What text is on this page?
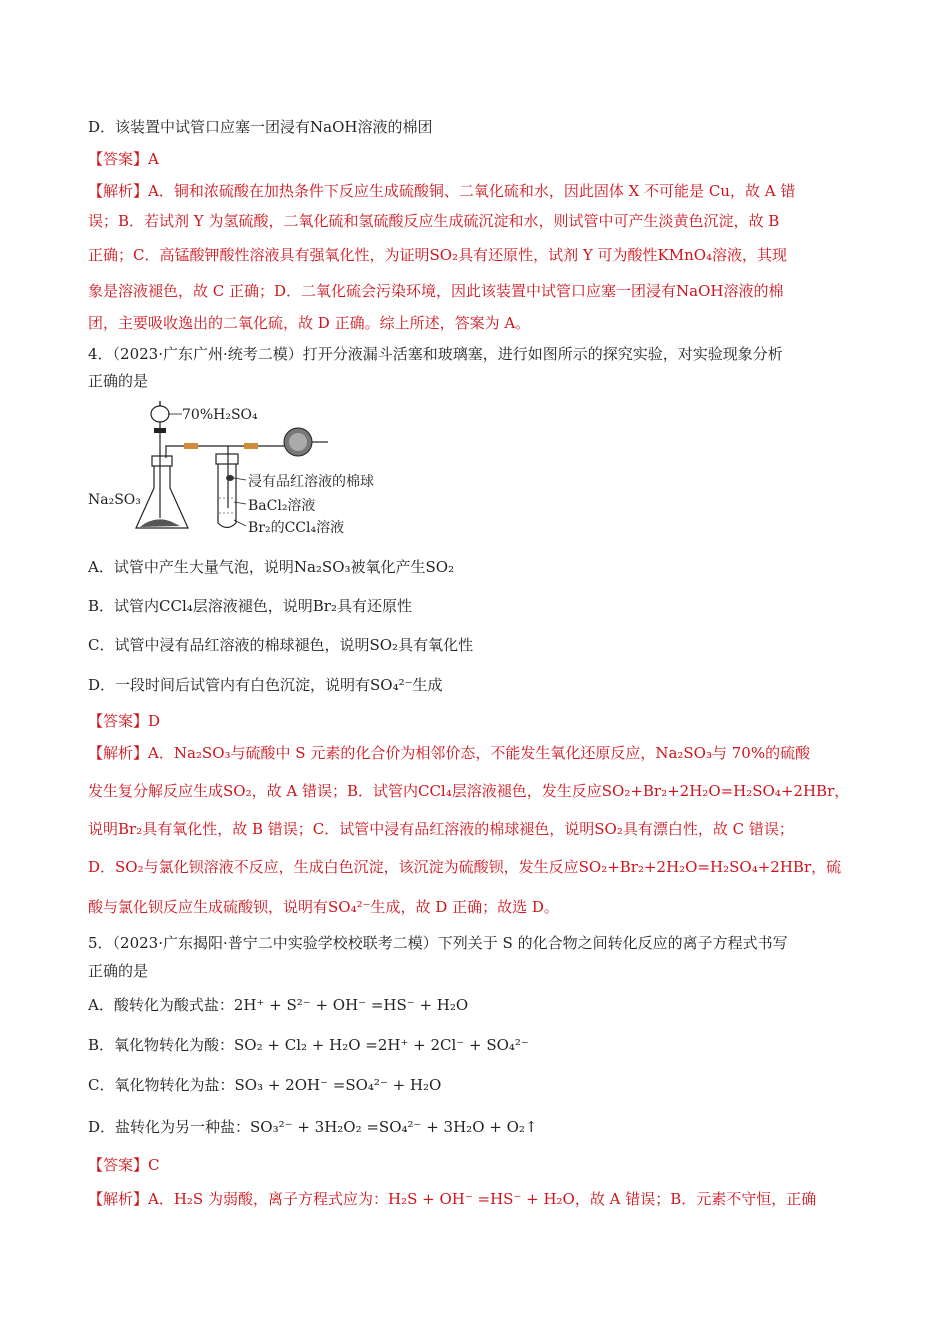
D．该装置中试管口应塞一团浸有NaOH溶液的棉团
【答案】A
【解析】A．铜和浓硫酸在加热条件下反应生成硫酸铜、二氧化硫和水，因此固体 X 不可能是 Cu，故 A 错
误；B．若试剂 Y 为氢硫酸，二氧化硫和氢硫酸反应生成硫沉淀和水，则试管中可产生淡黄色沉淀，故 B
正确；C．高锰酸钾酸性溶液具有强氧化性，为证明SO₂具有还原性，试剂 Y 可为酸性KMnO₄溶液，其现
象是溶液褪色，故 C 正确；D．二氧化硫会污染环境，因此该装置中试管口应塞一团浸有NaOH溶液的棉
团，主要吸收逸出的二氧化硫，故 D 正确。综上所述，答案为 A。
4．（2023·广东广州·统考二模）打开分液漏斗活塞和玻璃塞，进行如图所示的探究实验，对实验现象分析
正确的是
70%H₂SO₄
Na₂SO₃
浸有品红溶液的棉球
BaCl₂溶液
Br₂的CCl₄溶液
A．试管中产生大量气泡，说明Na₂SO₃被氧化产生SO₂
B．试管内CCl₄层溶液褪色，说明Br₂具有还原性
C．试管中浸有品红溶液的棉球褪色，说明SO₂具有氧化性
D．一段时间后试管内有白色沉淀，说明有SO₄²⁻生成
【答案】D
【解析】A．Na₂SO₃与硫酸中 S 元素的化合价为相邻价态，不能发生氧化还原反应，Na₂SO₃与 70%的硫酸
发生复分解反应生成SO₂，故 A 错误；B．试管内CCl₄层溶液褪色，发生反应SO₂+Br₂+2H₂O=H₂SO₄+2HBr，
说明Br₂具有氧化性，故 B 错误；C．试管中浸有品红溶液的棉球褪色，说明SO₂具有漂白性，故 C 错误；
D．SO₂与氯化钡溶液不反应，生成白色沉淀，该沉淀为硫酸钡，发生反应SO₂+Br₂+2H₂O=H₂SO₄+2HBr，硫
酸与氯化钡反应生成硫酸钡，说明有SO₄²⁻生成，故 D 正确；故选 D。
5．（2023·广东揭阳·普宁二中实验学校校联考二模）下列关于 S 的化合物之间转化反应的离子方程式书写
正确的是
A．酸转化为酸式盐：2H⁺ + S²⁻ + OH⁻ =HS⁻ + H₂O
B．氧化物转化为酸：SO₂ + Cl₂ + H₂O =2H⁺ + 2Cl⁻ + SO₄²⁻
C．氧化物转化为盐：SO₃ + 2OH⁻ =SO₄²⁻ + H₂O
D．盐转化为另一种盐：SO₃²⁻ + 3H₂O₂ =SO₄²⁻ + 3H₂O + O₂↑
【答案】C
【解析】A．H₂S 为弱酸，离子方程式应为：H₂S + OH⁻ =HS⁻ + H₂O，故 A 错误；B．元素不守恒，正确
